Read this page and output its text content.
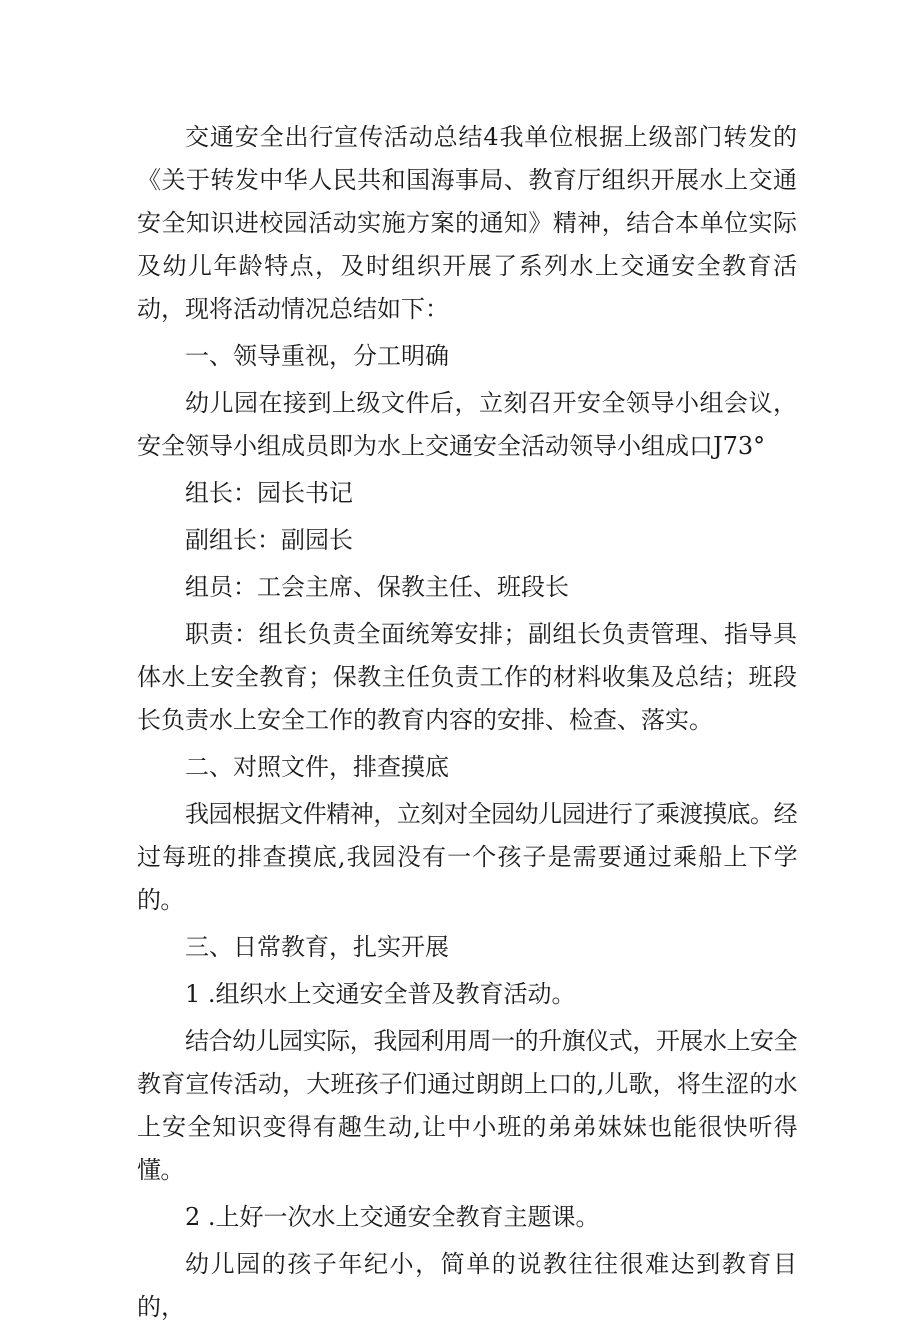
交通安全出行宣传活动总结4我单位根据上级部门转发的《关于转发中华人民共和国海事局、教育厅组织开展水上交通安全知识进校园活动实施方案的通知》精神，结合本单位实际及幼儿年龄特点，及时组织开展了系列水上交通安全教育活动，现将活动情况总结如下：

一、领导重视，分工明确

幼儿园在接到上级文件后，立刻召开安全领导小组会议，安全领导小组成员即为水上交通安全活动领导小组成口J73°

组长：园长书记

副组长：副园长

组员：工会主席、保教主任、班段长

职责：组长负责全面统筹安排；副组长负责管理、指导具体水上安全教育；保教主任负责工作的材料收集及总结；班段长负责水上安全工作的教育内容的安排、检查、落实。

二、对照文件，排查摸底

我园根据文件精神，立刻对全园幼儿园进行了乘渡摸底。经过每班的排查摸底,我园没有一个孩子是需要通过乘船上下学的。

三、日常教育，扎实开展

1 .组织水上交通安全普及教育活动。

结合幼儿园实际，我园利用周一的升旗仪式，开展水上安全教育宣传活动，大班孩子们通过朗朗上口的,儿歌，将生涩的水上安全知识变得有趣生动,让中小班的弟弟妹妹也能很快听得懂。

2 .上好一次水上交通安全教育主题课。

幼儿园的孩子年纪小，简单的说教往往很难达到教育目的，
